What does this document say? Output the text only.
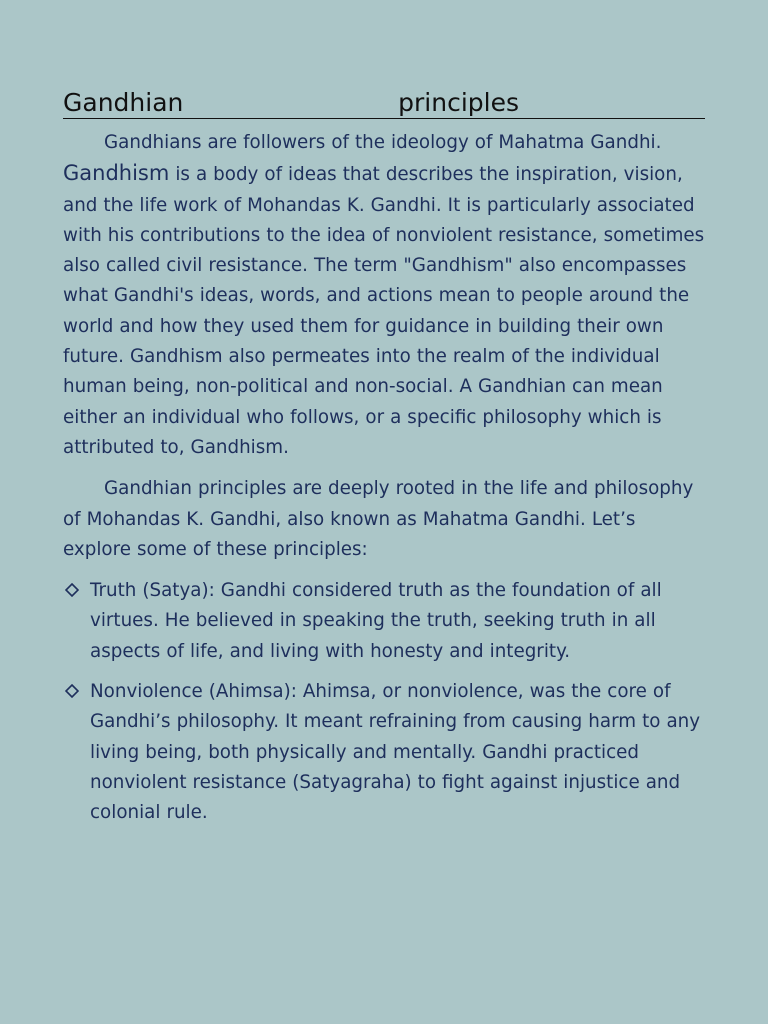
Gandhian	principles

Gandhians are followers of the ideology of Mahatma Gandhi. Gandhism is a body of ideas that describes the inspiration, vision, and the life work of Mohandas K. Gandhi. It is particularly associated with his contributions to the idea of nonviolent resistance, sometimes also called civil resistance. The term "Gandhism" also encompasses what Gandhi's ideas, words, and actions mean to people around the world and how they used them for guidance in building their own future. Gandhism also permeates into the realm of the individual human being, non-political and non-social. A Gandhian can mean either an individual who follows, or a specific philosophy which is attributed to, Gandhism.

Gandhian principles are deeply rooted in the life and philosophy of Mohandas K. Gandhi, also known as Mahatma Gandhi. Let’s explore some of these principles:

Truth (Satya): Gandhi considered truth as the foundation of all virtues. He believed in speaking the truth, seeking truth in all aspects of life, and living with honesty and integrity.
Nonviolence (Ahimsa): Ahimsa, or nonviolence, was the core of Gandhi’s philosophy. It meant refraining from causing harm to any living being, both physically and mentally. Gandhi practiced nonviolent resistance (Satyagraha) to fight against injustice and colonial rule.
